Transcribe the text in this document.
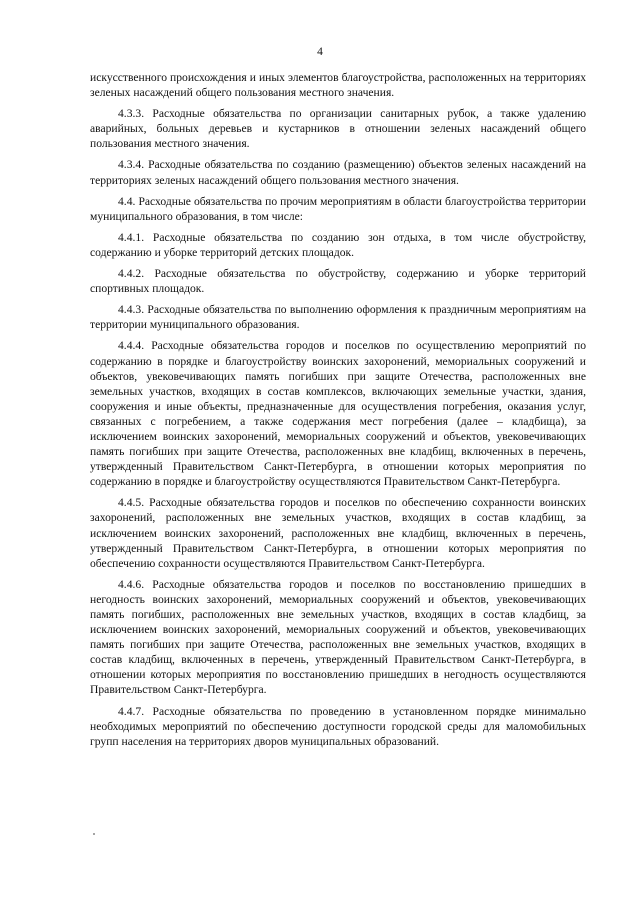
4

искусственного происхождения и иных элементов благоустройства, расположенных на территориях зеленых насаждений общего пользования местного значения.

4.3.3. Расходные обязательства по организации санитарных рубок, а также удалению аварийных, больных деревьев и кустарников в отношении зеленых насаждений общего пользования местного значения.

4.3.4. Расходные обязательства по созданию (размещению) объектов зеленых насаждений на территориях зеленых насаждений общего пользования местного значения.

4.4. Расходные обязательства по прочим мероприятиям в области благоустройства территории муниципального образования, в том числе:

4.4.1. Расходные обязательства по созданию зон отдыха, в том числе обустройству, содержанию и уборке территорий детских площадок.

4.4.2. Расходные обязательства по обустройству, содержанию и уборке территорий спортивных площадок.

4.4.3. Расходные обязательства по выполнению оформления к праздничным мероприятиям на территории муниципального образования.

4.4.4. Расходные обязательства городов и поселков по осуществлению мероприятий по содержанию в порядке и благоустройству воинских захоронений, мемориальных сооружений и объектов, увековечивающих память погибших при защите Отечества, расположенных вне земельных участков, входящих в состав комплексов, включающих земельные участки, здания, сооружения и иные объекты, предназначенные для осуществления погребения, оказания услуг, связанных с погребением, а также содержания мест погребения (далее – кладбища), за исключением воинских захоронений, мемориальных сооружений и объектов, увековечивающих память погибших при защите Отечества, расположенных вне кладбищ, включенных в перечень, утвержденный Правительством Санкт-Петербурга, в отношении которых мероприятия по содержанию в порядке и благоустройству осуществляются Правительством Санкт-Петербурга.

4.4.5. Расходные обязательства городов и поселков по обеспечению сохранности воинских захоронений, расположенных вне земельных участков, входящих в состав кладбищ, за исключением воинских захоронений, расположенных вне кладбищ, включенных в перечень, утвержденный Правительством Санкт-Петербурга, в отношении которых мероприятия по обеспечению сохранности осуществляются Правительством Санкт-Петербурга.

4.4.6. Расходные обязательства городов и поселков по восстановлению пришедших в негодность воинских захоронений, мемориальных сооружений и объектов, увековечивающих память погибших, расположенных вне земельных участков, входящих в состав кладбищ, за исключением воинских захоронений, мемориальных сооружений и объектов, увековечивающих память погибших при защите Отечества, расположенных вне земельных участков, входящих в состав кладбищ, включенных в перечень, утвержденный Правительством Санкт-Петербурга, в отношении которых мероприятия по восстановлению пришедших в негодность осуществляются Правительством Санкт-Петербурга.

4.4.7. Расходные обязательства по проведению в установленном порядке минимально необходимых мероприятий по обеспечению доступности городской среды для маломобильных групп населения на территориях дворов муниципальных образований.
